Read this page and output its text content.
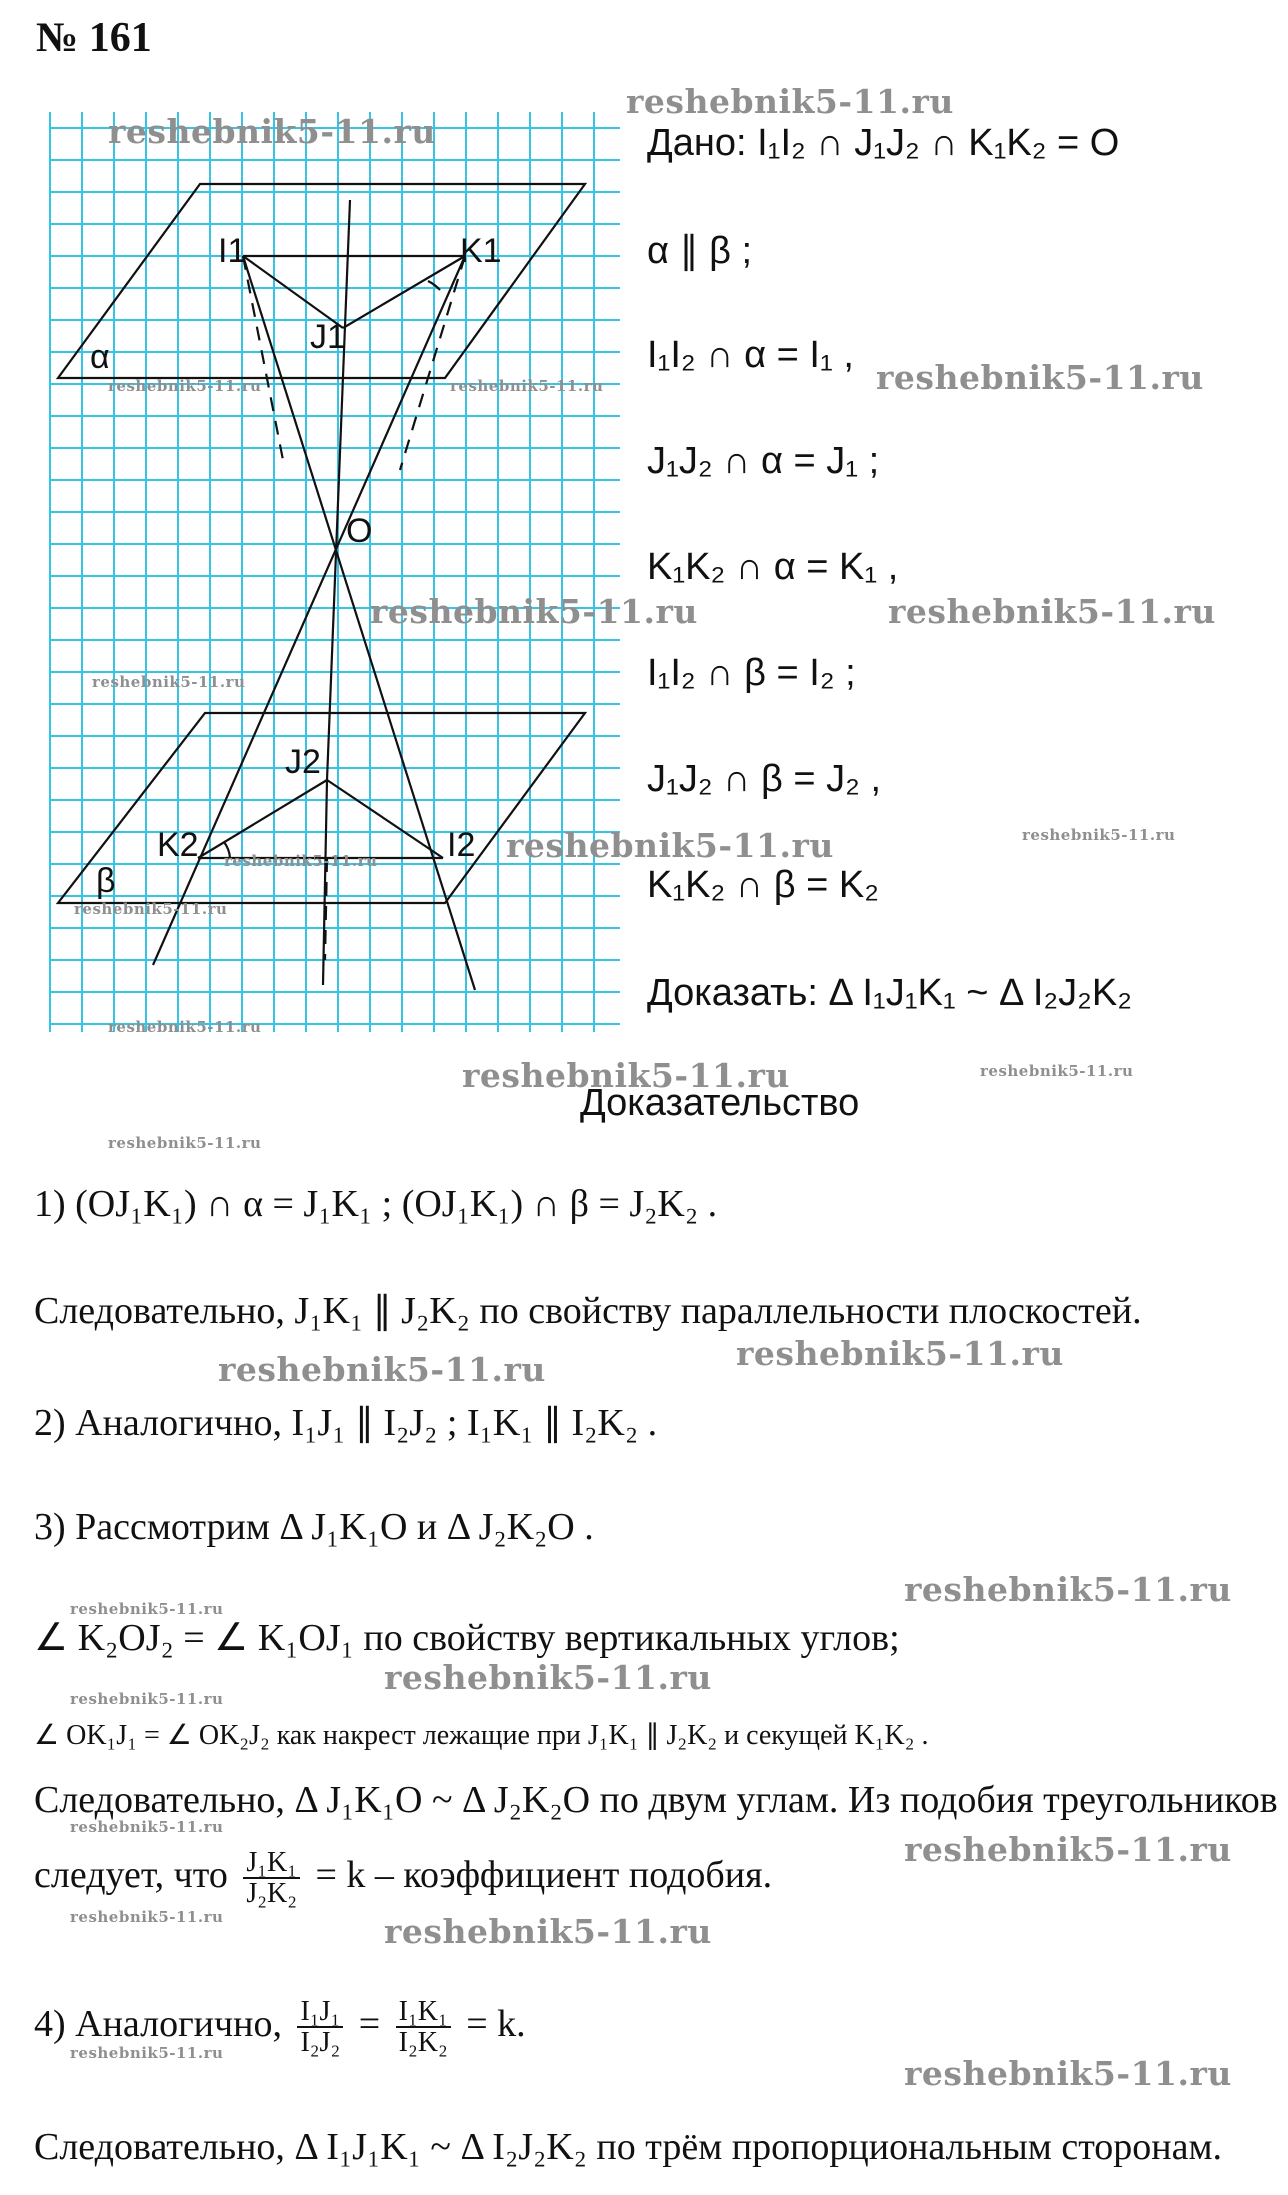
№ 161
I1	K1
J1
α
O
J2
K2	I2
β
Дано: I₁I₂ ∩ J₁J₂ ∩ K₁K₂ = O
α ∥ β ;
I₁I₂ ∩ α = I₁ ,
J₁J₂ ∩ α = J₁ ;
K₁K₂ ∩ α = K₁ ,
I₁I₂ ∩ β = I₂ ;
J₁J₂ ∩ β = J₂ ,
K₁K₂ ∩ β = K₂
Доказать: Δ I₁J₁K₁ ~ Δ I₂J₂K₂
Доказательство
1) (OJ₁K₁) ∩ α = J₁K₁ ; (OJ₁K₁) ∩ β = J₂K₂ .
Следовательно, J₁K₁ ∥ J₂K₂ по свойству параллельности плоскостей.
2) Аналогично, I₁J₁ ∥ I₂J₂ ; I₁K₁ ∥ I₂K₂ .
3) Рассмотрим Δ J₁K₁O и Δ J₂K₂O .
∠ K₂OJ₂ = ∠ K₁OJ₁ по свойству вертикальных углов;
∠ OK₁J₁ = ∠ OK₂J₂ как накрест лежащие при J₁K₁ ∥ J₂K₂ и секущей K₁K₂ .
Следовательно, Δ J₁K₁O ~ Δ J₂K₂O по двум углам. Из подобия треугольников
следует, что $\frac{\text{J₁K₁}}{\text{J₂K₂}} = k$ – коэффициент подобия.
4) Аналогично, $\frac{\text{I₁J₁}}{\text{I₂J₂}} = \frac{\text{I₁K₁}}{\text{I₂K₂}} = k$.
Следовательно, Δ I₁J₁K₁ ~ Δ I₂J₂K₂ по трём пропорциональным сторонам.
reshebnik5-11.ru
reshebnik5-11.ru
reshebnik5-11.ru	reshebnik5-11.ru	reshebnik5-11.ru
reshebnik5-11.ru	reshebnik5-11.ru
reshebnik5-11.ru
reshebnik5-11.ru	reshebnik5-11.ru
reshebnik5-11.ru
reshebnik5-11.ru
reshebnik5-11.ru
reshebnik5-11.ru	reshebnik5-11.ru
reshebnik5-11.ru
reshebnik5-11.ru
reshebnik5-11.ru
reshebnik5-11.ru
reshebnik5-11.ru
reshebnik5-11.ru
reshebnik5-11.ru
reshebnik5-11.ru
reshebnik5-11.ru
reshebnik5-11.ru	reshebnik5-11.ru
reshebnik5-11.ru
reshebnik5-11.ru
